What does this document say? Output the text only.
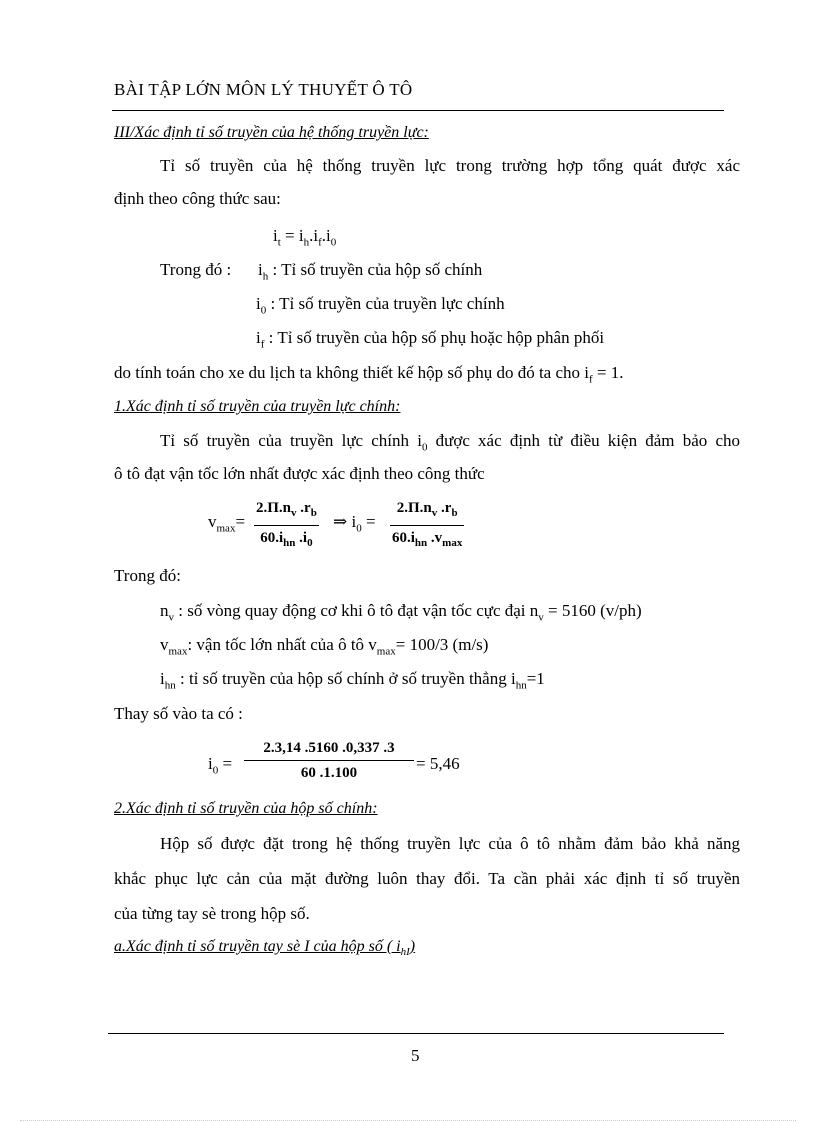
BÀI TẬP LỚN MÔN LÝ THUYẾT Ô TÔ
III/Xác định tỉ số truyền của hệ thống truyền lực:
Tỉ số truyền của hệ thống truyền lực trong trường hợp tổng quát được xác
định theo công thức sau:
$i_t = i_h.i_f.i_0$
Trong đó : $i_h$ : Tỉ số truyền của hộp số chính
$i_0$ : Tỉ số truyền của truyền lực chính
$i_f$ : Tỉ số truyền của hộp số phụ hoặc hộp phân phối
do tính toán cho xe du lịch ta không thiết kế hộp số phụ do đó ta cho $i_f = 1$.
1.Xác định tỉ số truyền của truyền lực chính:
Tỉ số truyền của truyền lực chính $i_0$ được xác định từ điều kiện đảm bảo cho
ô tô đạt vận tốc lớn nhất được xác định theo công thức
$v_{max}=$
$2.\Pi.n_v$ $.r_b$
$60.i_{hn}$ $.i_0$
⇒ $i_0$ =
$2.\Pi.n_v$ $.r_b$
$60.i_{hn}$ $.v_{max}$
Trong đó:
$n_v$ : số vòng quay động cơ khi ô tô đạt vận tốc cực đại $n_v = 5160$ (v/ph)
$v_{max}$: vận tốc lớn nhất của ô tô $v_{max}= 100/3$ (m/s)
$i_{hn}$ : tỉ số truyền của hộp số chính ở số truyền thẳng $i_{hn}=1$
Thay số vào ta có :
$i_0$ =
2.3,14 .5160 .0,337 .3
60 .1.100	= 5,46
2.Xác định tỉ số truyền của hộp số chính:
Hộp số được đặt trong hệ thống truyền lực của ô tô nhằm đảm bảo khả năng
khắc phục lực cản của mặt đường luôn thay đổi. Ta cần phải xác định tỉ số truyền
của từng tay sè trong hộp số.
a.Xác định tỉ số truyền tay sè I của hộp số ( $i_{hI}$)
5
